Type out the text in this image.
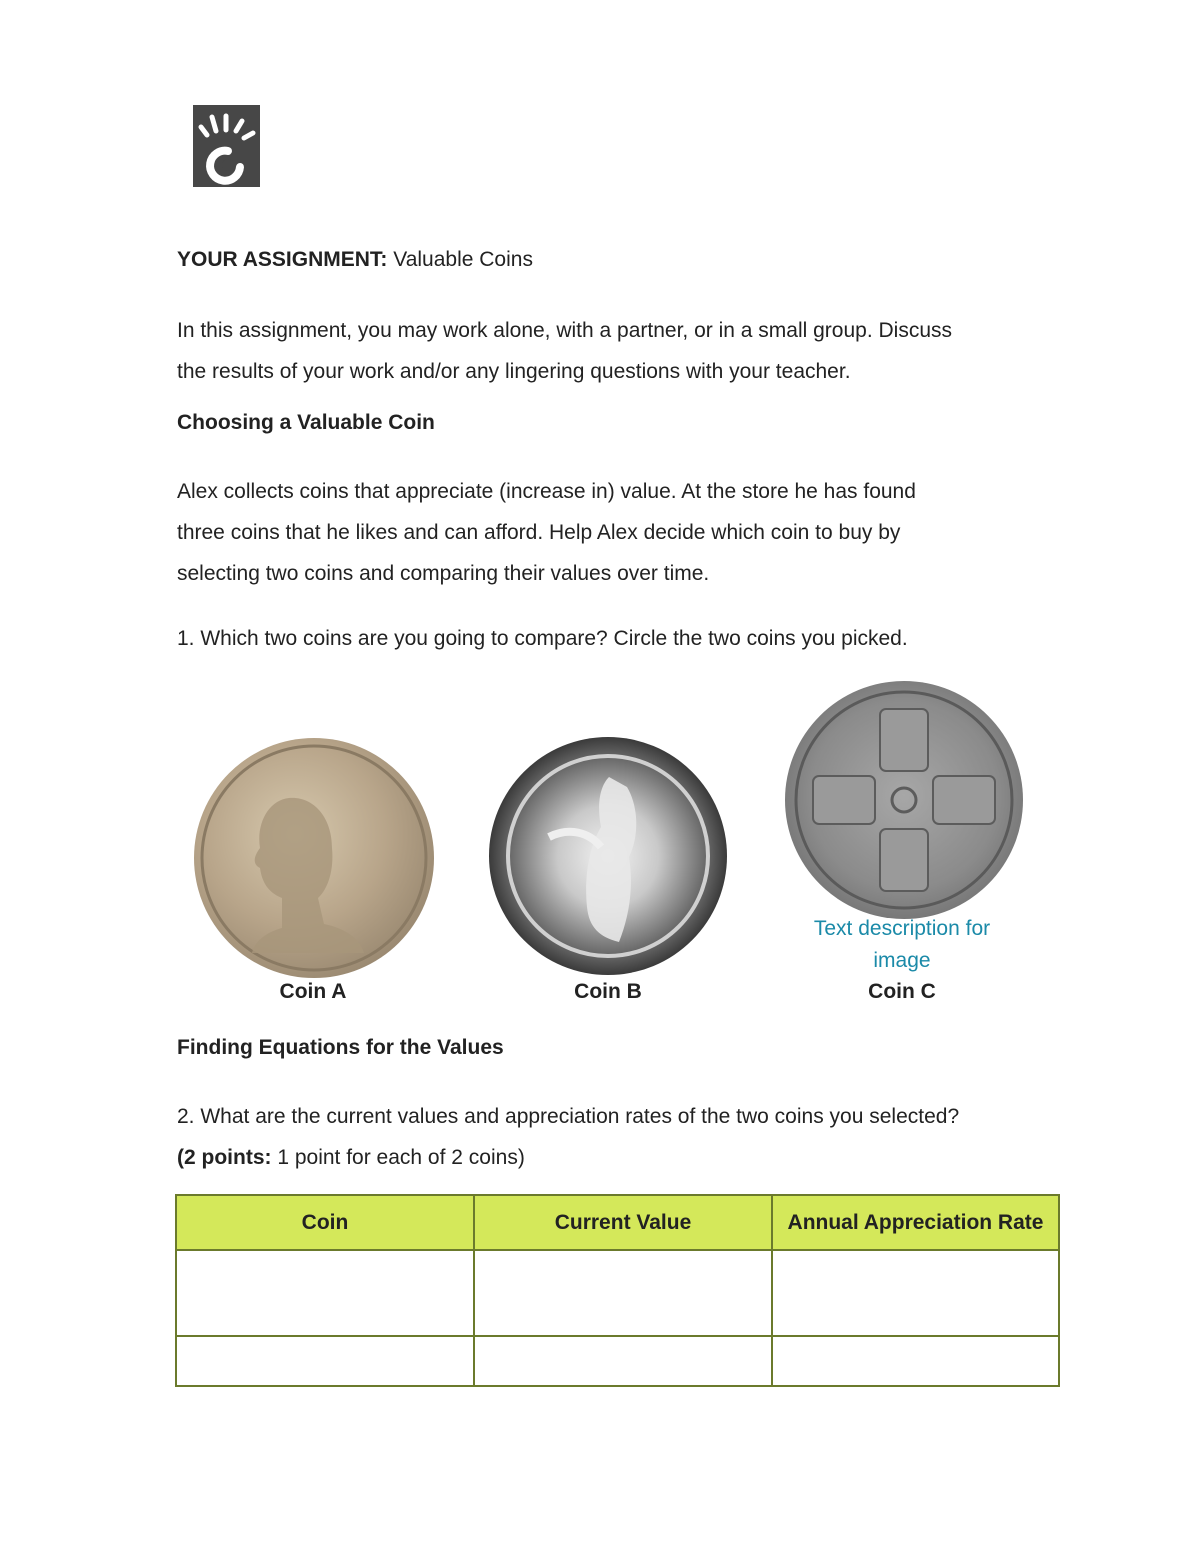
YOUR ASSIGNMENT: Valuable Coins
In this assignment, you may work alone, with a partner, or in a small group. Discuss
the results of your work and/or any lingering questions with your teacher.
Choosing a Valuable Coin
Alex collects coins that appreciate (increase in) value. At the store he has found
three coins that he likes and can afford. Help Alex decide which coin to buy by
selecting two coins and comparing their values over time.
1. Which two coins are you going to compare? Circle the two coins you picked.
Text description for
image
Coin A	Coin B	Coin C
Finding Equations for the Values
2. What are the current values and appreciation rates of the two coins you selected?
(2 points: 1 point for each of 2 coins)
Coin	Current Value	Annual Appreciation Rate
